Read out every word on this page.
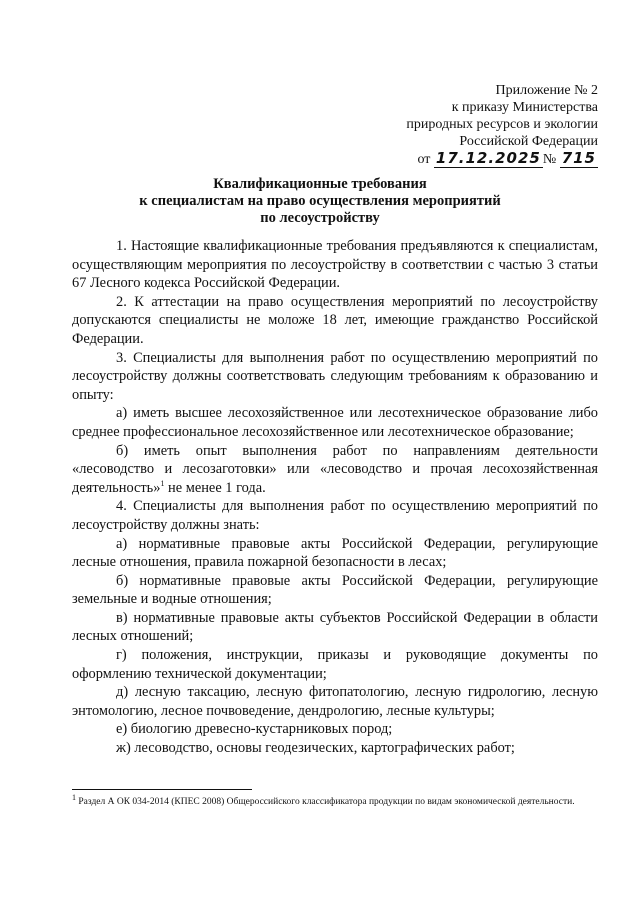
Приложение № 2
к приказу Министерства
природных ресурсов и экологии
Российской Федерации
от 17.12.2025 № 715
Квалификационные требования
к специалистам на право осуществления мероприятий
по лесоустройству

1. Настоящие квалификационные требования предъявляются к специалистам, осуществляющим мероприятия по лесоустройству в соответствии с частью 3 статьи 67 Лесного кодекса Российской Федерации.

2. К аттестации на право осуществления мероприятий по лесоустройству допускаются специалисты не моложе 18 лет, имеющие гражданство Российской Федерации.

3. Специалисты для выполнения работ по осуществлению мероприятий по лесоустройству должны соответствовать следующим требованиям к образованию и опыту:

а) иметь высшее лесохозяйственное или лесотехническое образование либо среднее профессиональное лесохозяйственное или лесотехническое образование;

б) иметь опыт выполнения работ по направлениям деятельности «лесоводство и лесозаготовки» или «лесоводство и прочая лесохозяйственная деятельность»$^1$ не менее 1 года.

4. Специалисты для выполнения работ по осуществлению мероприятий по лесоустройству должны знать:

а) нормативные правовые акты Российской Федерации, регулирующие лесные отношения, правила пожарной безопасности в лесах;

б) нормативные правовые акты Российской Федерации, регулирующие земельные и водные отношения;

в) нормативные правовые акты субъектов Российской Федерации в области лесных отношений;

г) положения, инструкции, приказы и руководящие документы по оформлению технической документации;

д) лесную таксацию, лесную фитопатологию, лесную гидрологию, лесную энтомологию, лесное почвоведение, дендрологию, лесные культуры;

е) биологию древесно-кустарниковых пород;

ж) лесоводство, основы геодезических, картографических работ;

$^1$ Раздел А ОК 034-2014 (КПЕС 2008) Общероссийского классификатора продукции по видам экономической деятельности.
